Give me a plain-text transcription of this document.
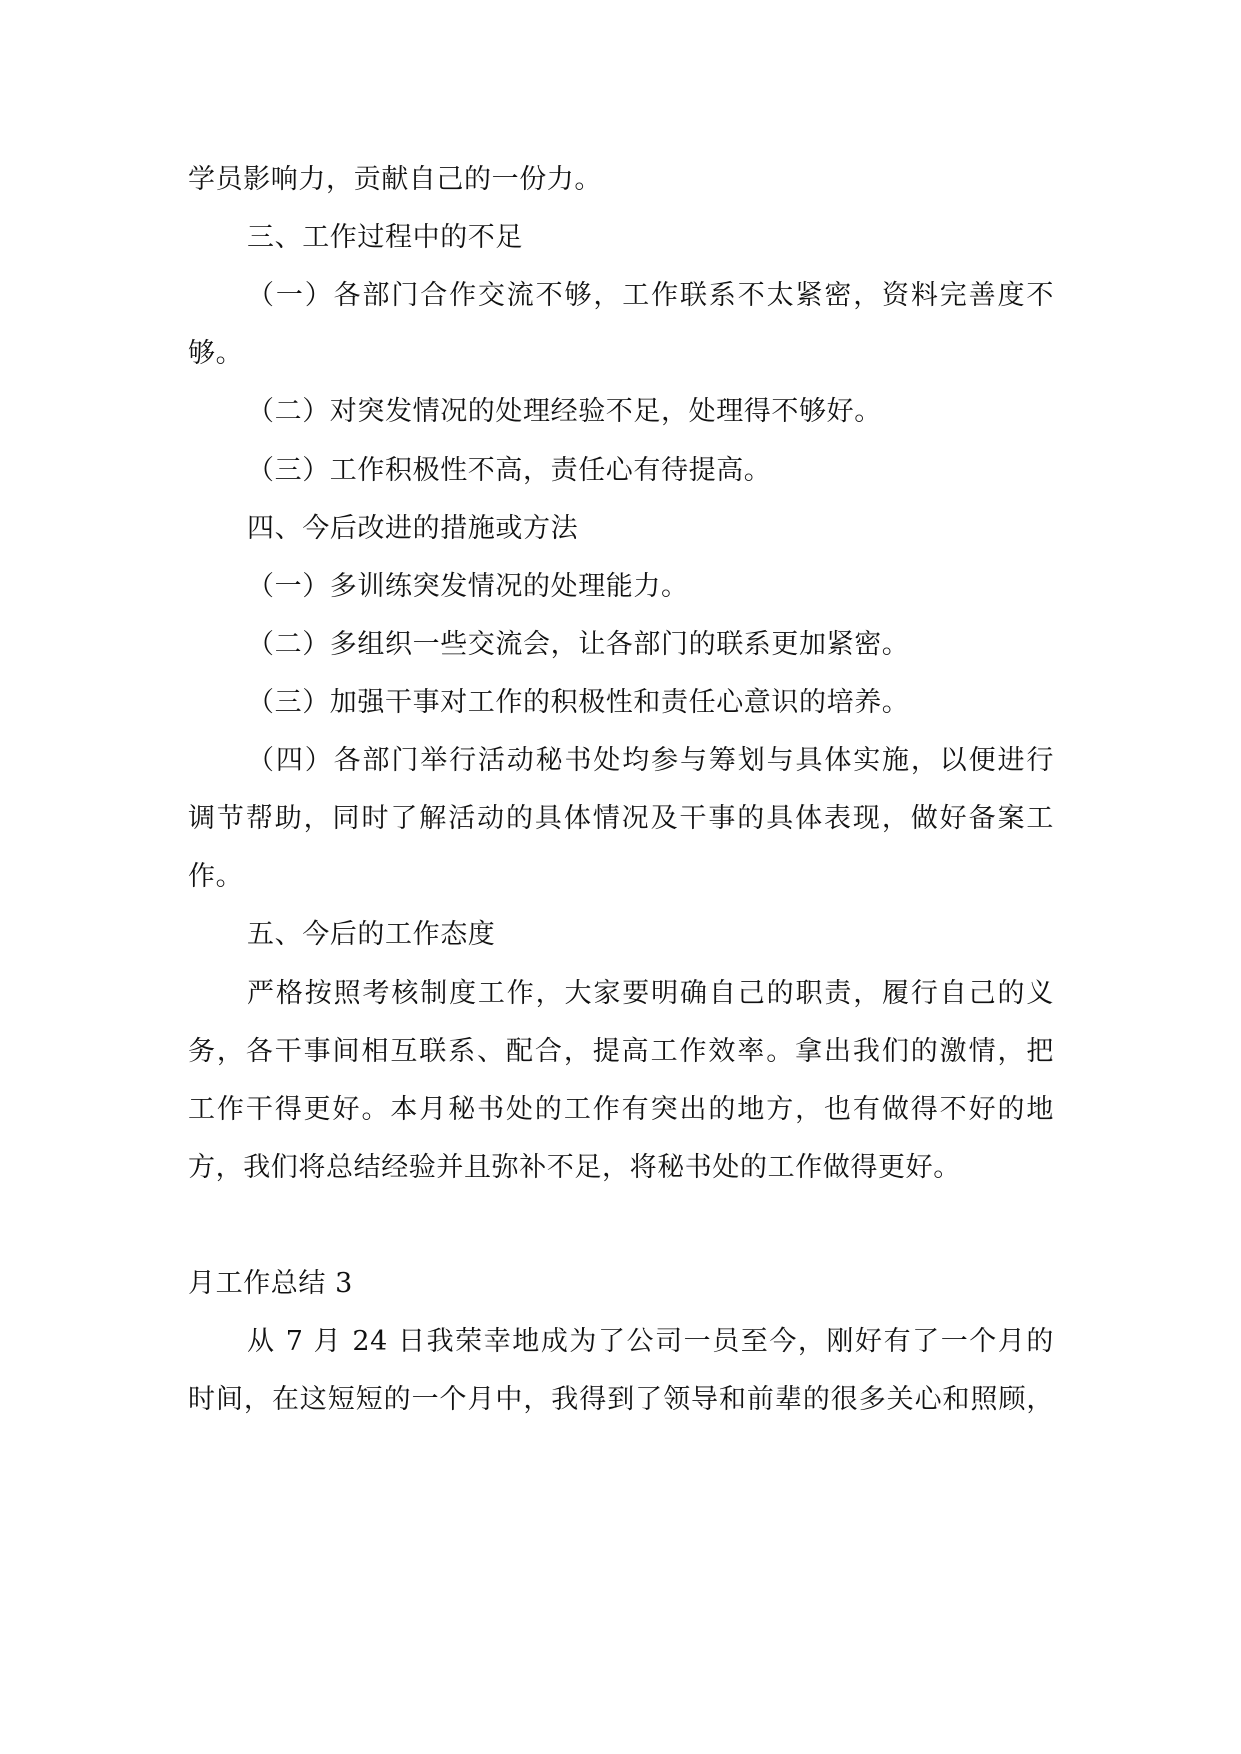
学员影响力，贡献自己的一份力。
三、工作过程中的不足
（一）各部门合作交流不够，工作联系不太紧密，资料完善度不
够。
（二）对突发情况的处理经验不足，处理得不够好。
（三）工作积极性不高，责任心有待提高。
四、今后改进的措施或方法
（一）多训练突发情况的处理能力。
（二）多组织一些交流会，让各部门的联系更加紧密。
（三）加强干事对工作的积极性和责任心意识的培养。
（四）各部门举行活动秘书处均参与筹划与具体实施，以便进行
调节帮助，同时了解活动的具体情况及干事的具体表现，做好备案工
作。
五、今后的工作态度
严格按照考核制度工作，大家要明确自己的职责，履行自己的义
务，各干事间相互联系、配合，提高工作效率。拿出我们的激情，把
工作干得更好。本月秘书处的工作有突出的地方，也有做得不好的地
方，我们将总结经验并且弥补不足，将秘书处的工作做得更好。
月工作总结 3
从 7 月 24 日我荣幸地成为了公司一员至今，刚好有了一个月的
时间，在这短短的一个月中，我得到了领导和前辈的很多关心和照顾，
